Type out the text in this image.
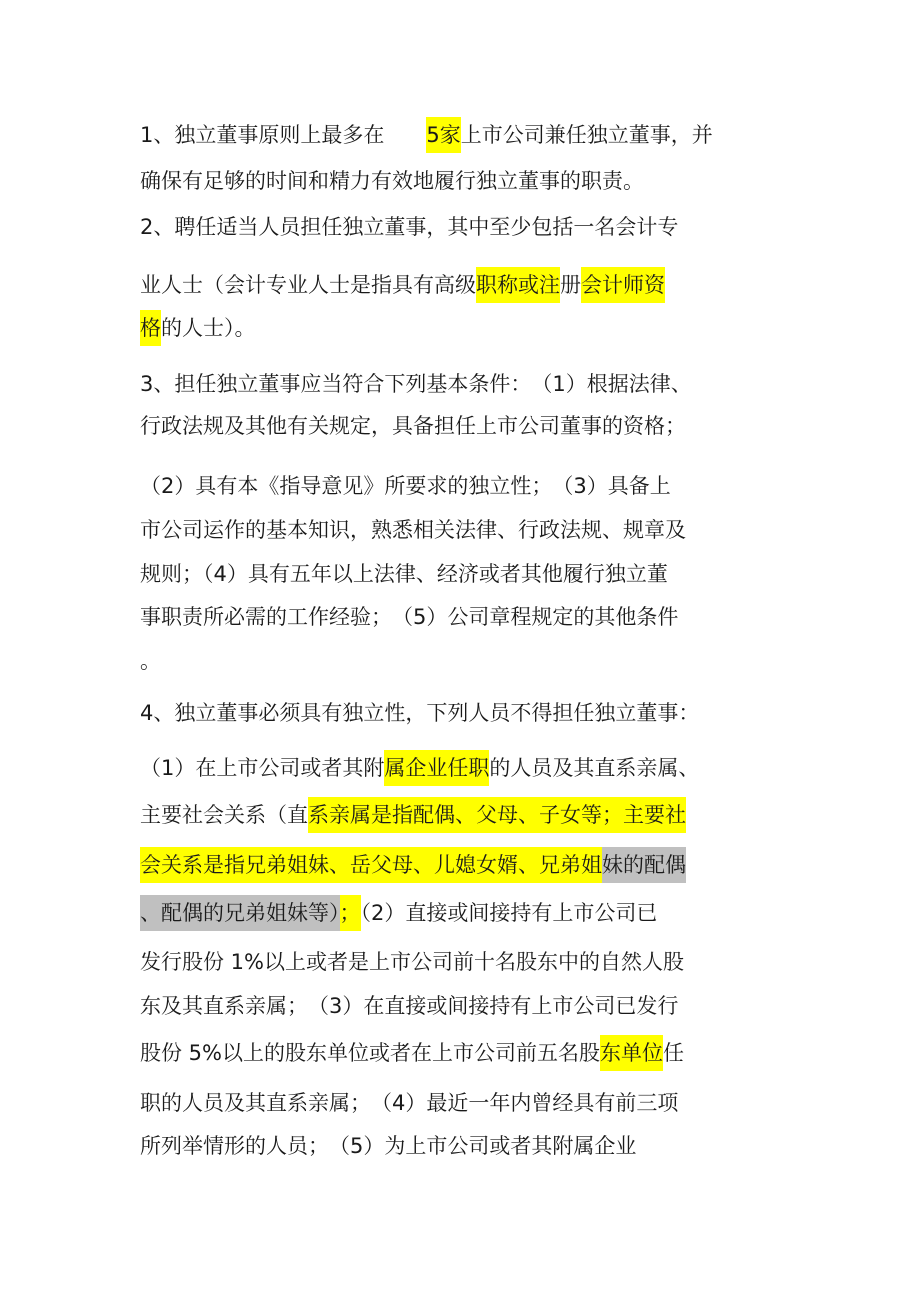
1、独立董事原则上最多在　　5家上市公司兼任独立董事，并
确保有足够的时间和精力有效地履行独立董事的职责。
2、聘任适当人员担任独立董事，其中至少包括一名会计专
业人士（会计专业人士是指具有高级职称或注册会计师资
格的人士）。
3、担任独立董事应当符合下列基本条件：　（1）根据法律、
行政法规及其他有关规定，具备担任上市公司董事的资格；
（2）具有本《指导意见》所要求的独立性；　（3）具备上
市公司运作的基本知识，熟悉相关法律、行政法规、规章及
规则；（4）具有五年以上法律、经济或者其他履行独立董
事职责所必需的工作经验；　（5）公司章程规定的其他条件
。
4、独立董事必须具有独立性，下列人员不得担任独立董事：
（1）在上市公司或者其附属企业任职的人员及其直系亲属、
主要社会关系（直系亲属是指配偶、父母、子女等；主要社
会关系是指兄弟姐妹、岳父母、儿媳女婿、兄弟姐妹的配偶
、配偶的兄弟姐妹等）；（2）直接或间接持有上市公司已
发行股份 1%以上或者是上市公司前十名股东中的自然人股
东及其直系亲属；　（3）在直接或间接持有上市公司已发行
股份 5%以上的股东单位或者在上市公司前五名股东单位任
职的人员及其直系亲属；　（4）最近一年内曾经具有前三项
所列举情形的人员；　（5）为上市公司或者其附属企业
